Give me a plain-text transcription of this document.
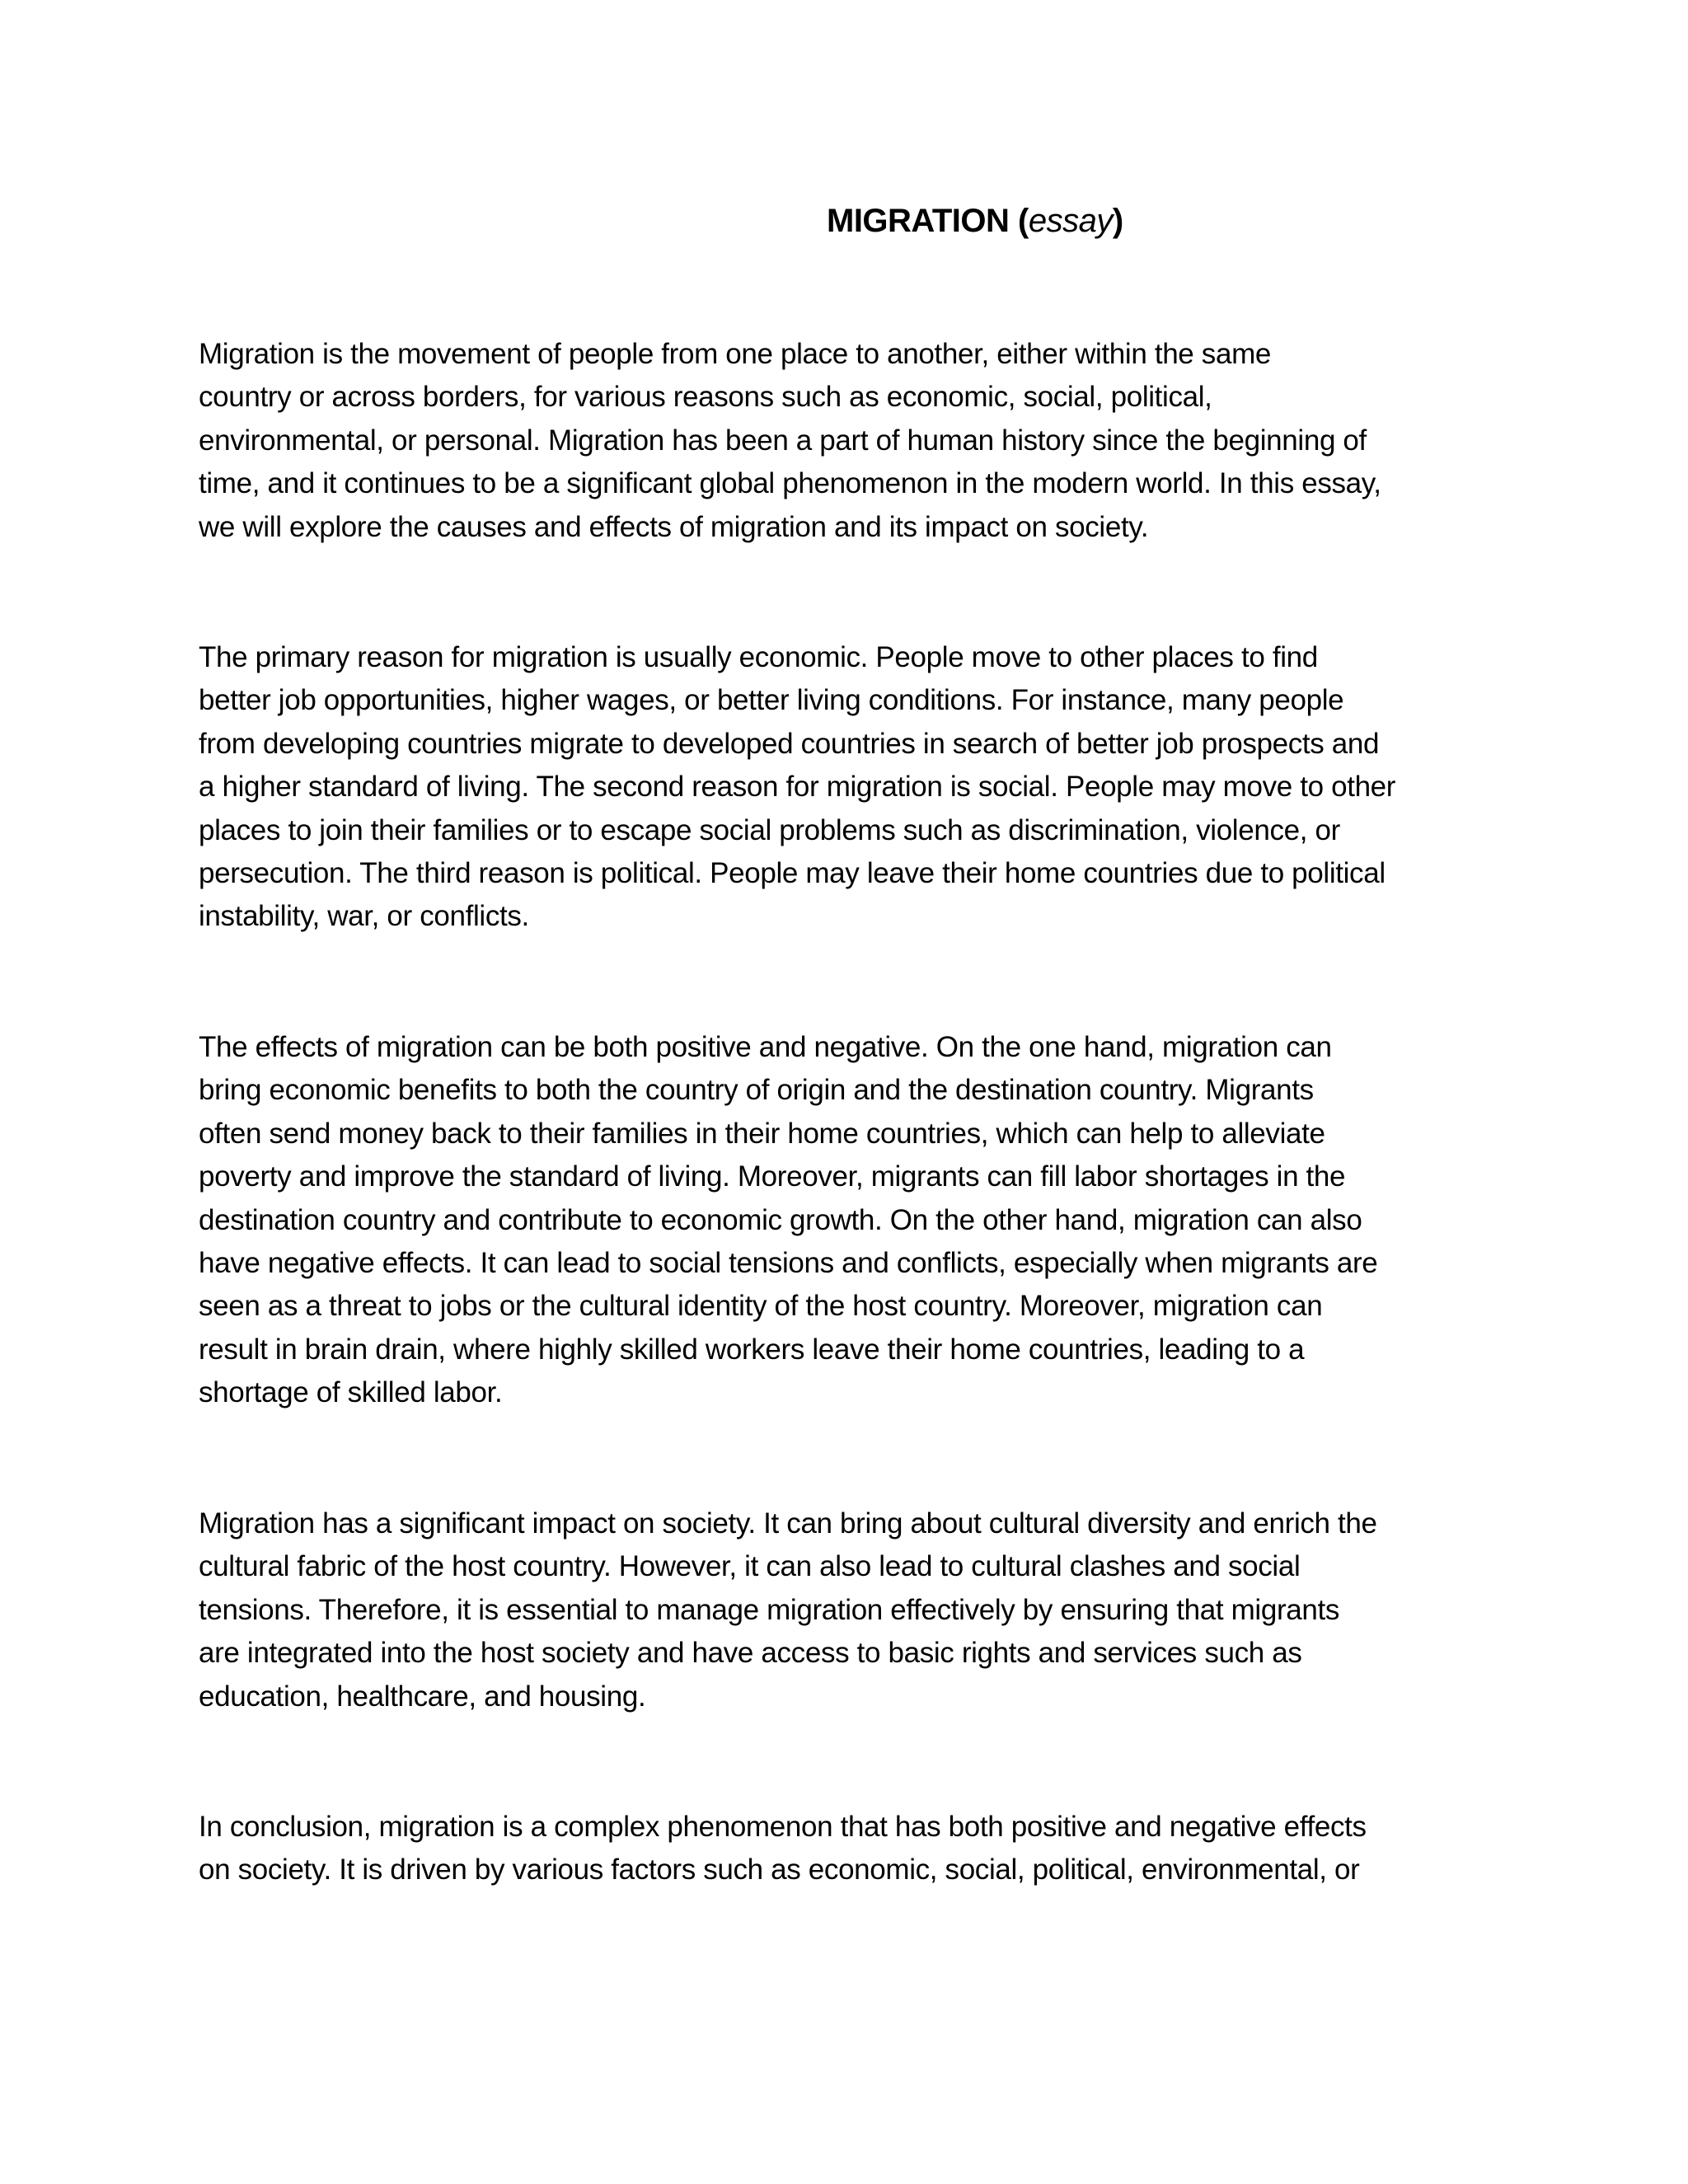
MIGRATION (essay)

Migration is the movement of people from one place to another, either within the same
country or across borders, for various reasons such as economic, social, political,
environmental, or personal. Migration has been a part of human history since the beginning of
time, and it continues to be a significant global phenomenon in the modern world. In this essay,
we will explore the causes and effects of migration and its impact on society.

The primary reason for migration is usually economic. People move to other places to find
better job opportunities, higher wages, or better living conditions. For instance, many people
from developing countries migrate to developed countries in search of better job prospects and
a higher standard of living. The second reason for migration is social. People may move to other
places to join their families or to escape social problems such as discrimination, violence, or
persecution. The third reason is political. People may leave their home countries due to political
instability, war, or conflicts.

The effects of migration can be both positive and negative. On the one hand, migration can
bring economic benefits to both the country of origin and the destination country. Migrants
often send money back to their families in their home countries, which can help to alleviate
poverty and improve the standard of living. Moreover, migrants can fill labor shortages in the
destination country and contribute to economic growth. On the other hand, migration can also
have negative effects. It can lead to social tensions and conflicts, especially when migrants are
seen as a threat to jobs or the cultural identity of the host country. Moreover, migration can
result in brain drain, where highly skilled workers leave their home countries, leading to a
shortage of skilled labor.

Migration has a significant impact on society. It can bring about cultural diversity and enrich the
cultural fabric of the host country. However, it can also lead to cultural clashes and social
tensions. Therefore, it is essential to manage migration effectively by ensuring that migrants
are integrated into the host society and have access to basic rights and services such as
education, healthcare, and housing.

In conclusion, migration is a complex phenomenon that has both positive and negative effects
on society. It is driven by various factors such as economic, social, political, environmental, or
